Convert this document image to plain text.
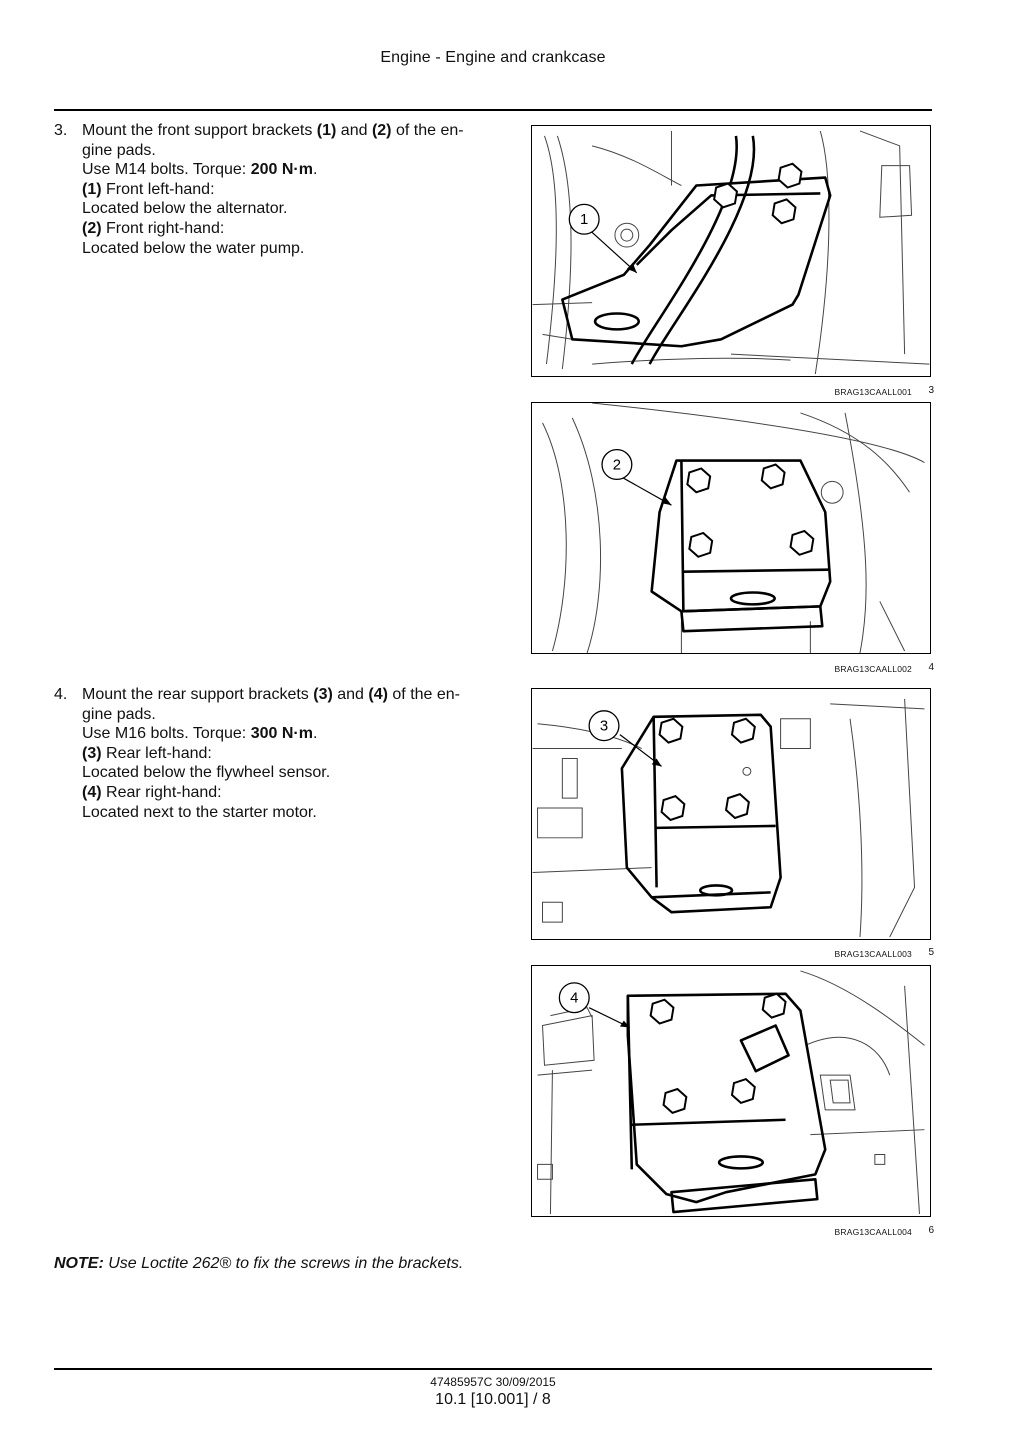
Engine - Engine and crankcase
3. Mount the front support brackets (1) and (2) of the en-
gine pads.
Use M14 bolts. Torque: 200 N·m.
(1) Front left-hand:
Located below the alternator.
(2) Front right-hand:
Located below the water pump.
4. Mount the rear support brackets (3) and (4) of the en-
gine pads.
Use M16 bolts. Torque: 300 N·m.
(3) Rear left-hand:
Located below the flywheel sensor.
(4) Rear right-hand:
Located next to the starter motor.
1
BRAG13CAALL001 3
2
BRAG13CAALL002 4
3
BRAG13CAALL003 5
4
BRAG13CAALL004 6
NOTE: Use Loctite 262® to fix the screws in the brackets.
47485957C 30/09/2015
10.1 [10.001] / 8
